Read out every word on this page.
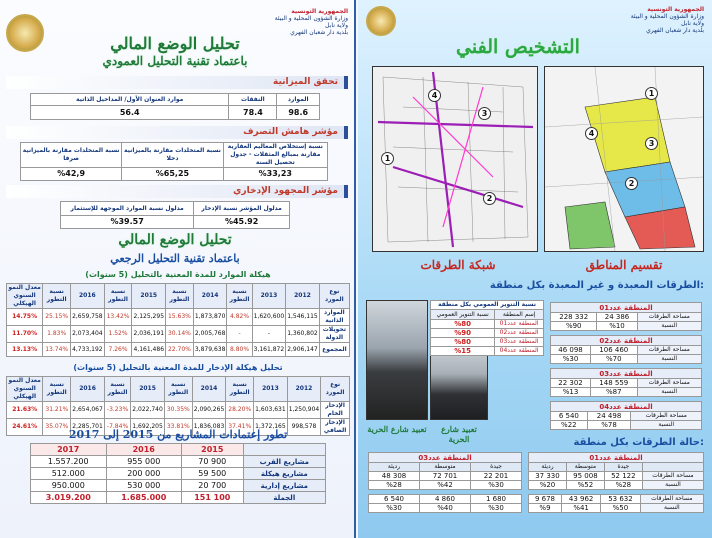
الجمهورية التونسية
وزارة الشؤون المحلية و البيئة
ولاية نابل
بلدية دار شعبان الفهري
تحليل الوضع المالي
باعتماد تقنية التحليل العمودي
تحقق الميزانية
موارد العنوان الأول/ المداخيل الذاتية	النفقات	الموارد
56.4	78.4	98.6
مؤشر هامش التصرف
نسبة المتخلدات مقارنة بالميزانية صرفا	نسبة المتخلدات مقارنة بالميزانية دخلا	نسبة إستخلاص المعاليم العقارية مقارنة بمبالغ المثقلات - جدول تحصيل السنة
%42,9	%65,25	%33,23
مؤشر المجهود الإدخاري
مدلول نسبة الموارد الموجهة للإستثمار	مدلول المؤشر نسبة الإدخار
%39.57	%45.92
تحليل الوضع المالي
باعتماد تقنية التحليل الرجعي
هيكلة الموارد للمدة المعنية بالتحليل (5 سنوات)
معدل النمو السنوي الهيكلي	نسبة التطور	2016	نسبة التطور	2015	نسبة التطور	2014	نسبة التطور	2013	2012	نوع المورد
14.75%	25.15%	2,659,758	13.42%	2,125,295	15.63%	1,873,870	4.82%	1,620,600	1,546,115	الموارد الذاتية
11.70%	1.83%	2,073,404	1.52%	2,036,191	30.14%	2,005,768	-	-	1,360,802	تحويلات الدولة
13.13%	13.74%	4,733,192	7.26%	4,161,486	22.70%	3,879,638	8.80%	3,161,872	2,906,147	المجموع
تحليل هيكلة الإدخار للمدة المعنية بالتحليل (5 سنوات)
معدل النمو السنوي الهيكلي	نسبة التطور	2016	نسبة التطور	2015	نسبة التطور	2014	نسبة التطور	2013	2012	نوع المورد
21.63%	31.21%	2,654,067	-3.23%	2,022,740	30.35%	2,090,265	28.20%	1,603,631	1,250,904	الإدخار الخام
24.61%	35.07%	2,285,701	-7.84%	1,692,205	33.81%	1,836,083	37.41%	1,372,165	998,578	الإدخار الصافي
تطور إعتمادات المشاريع من 2015 إلى 2017
2017	2016	2015	
1.557.200	955 000	70 900	مشاريع القرب
512.000	200 000	59 500	مشاريع هيكلة
950.000	530 000	20 700	مشاريع إدارية
3.019.200	1.685.000	151 100	الجملة
الجمهورية التونسية
وزارة الشؤون المحلية و البيئة
ولاية نابل
بلدية دار شعبان الفهري
التشخيص الفني
1
2
3
4
تقسيم المناطق
4
3
1
2
شبكة الطرقات
الطرقات المعبدة و غير المعبدة بكل منطقة:
تعبيد شارع الحرية	تعبيد شارع الحرية
نسبة التنوير العمومي بكل منطقة	
نسبة التنوير العمومي	إسم المنطقة
%80	المنطقة عدد01
%90	المنطقة عدد02
%80	المنطقة عدد03
%15	المنطقة عدد04
المنطقة عدد01		
228 332	24 386	مساحة الطرقات
%90	%10	النسبة
المنطقة عدد02		
46 098	106 460	مساحة الطرقات
%30	%70	النسبة
المنطقة عدد03		
22 302	148 559	مساحة الطرقات
%13	%87	النسبة
المنطقة عدد04		
6 540	24 498	مساحة الطرقات
%22	%78	النسبة
حالة الطرقات بكل منطقة:
المنطقة عدد03		
رديئة	متوسطة	جيدة
48 308	72 701	22 201
%28	%42	%30
6 540	4 860	1 680
%30	%40	%30
المنطقة عدد01			
رديئة	متوسطة	جيدة	
37 330	95 008	52 122	مساحة الطرقات
%20	%52	%28	النسبة
9 678	43 962	53 632	مساحة الطرقات
%9	%41	%50	النسبة
